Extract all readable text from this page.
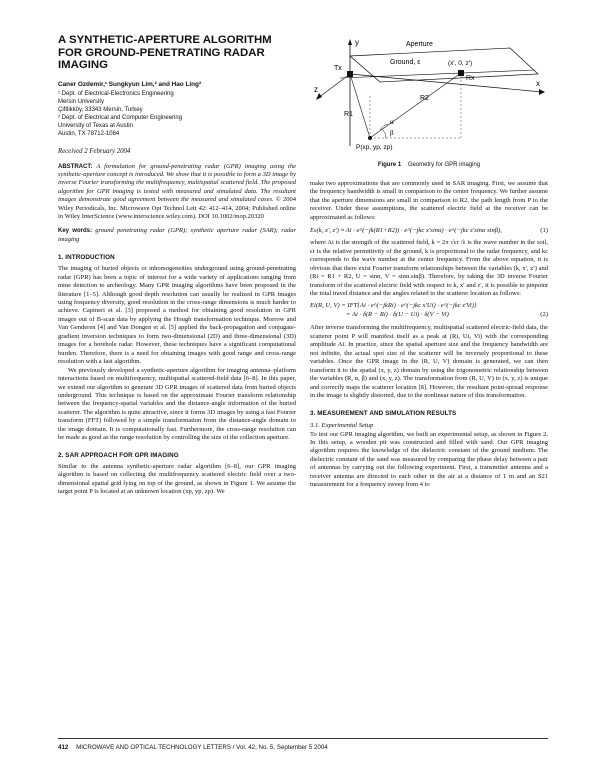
A SYNTHETIC-APERTURE ALGORITHM FOR GROUND-PENETRATING RADAR IMAGING

Caner Ozdemir,¹ Sungkyun Lim,² and Hao Ling²

¹ Dept. of Electrical-Electronics Engineering

Mersin University

Çiftlikköy, 33343 Mersin, Turkey

² Dept. of Electrical and Computer Engineering

University of Texas at Austin

Austin, TX 78712-1084

Received 2 February 2004

ABSTRACT: A formulation for ground-penetrating radar (GPR) imaging using the synthetic-aperture concept is introduced. We show that it is possible to form a 3D image by inverse Fourier transforming the multifrequency, multispatial scattered field. The proposed algorithm for GPR imaging is tested with measured and simulated data. The resultant images demonstrate good agreement between the measured and simulated cases. © 2004 Wiley Periodicals, Inc. Microwave Opt Technol Lett 42: 412–414, 2004; Published online in Wiley InterScience (www.interscience.wiley.com). DOI 10.1002/mop.20320

Key words: ground penetrating radar (GPR); synthetic aperture radar (SAR); radar imaging

1. INTRODUCTION

The imaging of buried objects or inhomogeneities underground using ground-penetrating radar (GPR) has been a topic of interest for a wide variety of applications ranging from mine detection to archeology. Many GPR imaging algorithms have been proposed in the literature [1–5]. Although good depth resolution can usually be realized in GPR images using frequency diversity, good resolution in the cross-range dimensions is much harder to achieve. Capineri et al. [3] proposed a method for obtaining good resolution in GPR images out of B-scan data by applying the Hough transformation technique. Morrow and Van Genderen [4] and Van Dongen et al. [5] applied the back-propagation and conjugate-gradient inversion techniques to form two-dimensional (2D) and three-dimensional (3D) images for a borehole radar. However, these techniques have a significant computational burden. Therefore, there is a need for obtaining images with good range and cross-range resolution with a fast algorithm.

We previously developed a synthetic-aperture algorithm for imaging antenna–platform interactions based on multifrequency, multispatial scattered-field data [6–8]. In this paper, we extend our algorithm to generate 3D GPR images of scattered data from buried objects underground. This technique is based on the approximate Fourier transform relationship between the frequency-spatial variables and the distance-angle information of the buried scatterer. The algorithm is quite attractive, since it forms 3D images by using a fast Fourier transform (FFT) followed by a simple transformation from the distance-angle domain to the image domain. It is computationally fast. Furthermore, the cross-range resolution can be made as good as the range resolution by controlling the size of the collection aperture.

2. SAR APPROACH FOR GPR IMAGING

Similar to the antenna synthetic-aperture radar algorithm [6–8], our GPR imaging algorithm is based on collecting the multifrequency scattered electric field over a two-dimensional spatial grid lying on top of the ground, as shown in Figure 1. We assume the target point P is located at an unknown location (xp, yp, zp). We

y
x
z
Aperture
Ground, ε
Tx
Rx
(x′, 0, z′)
R1
R2
α
β
P(xp, yp, zp)
Figure 1 Geometry for GPR imaging

make two approximations that are commonly used in SAR imaging. First, we assume that the frequency bandwidth is small in comparison to the center frequency. We further assume that the aperture dimensions are small in comparison to R2, the path length from P to the receiver. Under these assumptions, the scattered electric field at the receiver can be approximated as follows:

Es(k, x′, z′) ≈ Ai · e^(−jk(R1+R2)) · e^(−jkc x′sinα) · e^(−jkc z′sinα sinβ),	(1)

where Ai is the strength of the scattered field, k = 2π √εr /λ is the wave number in the soil, εr is the relative permittivity of the ground, k is proportional to the radar frequency, and kc corresponds to the wave number at the center frequency. From the above equation, it is obvious that there exist Fourier transform relationships between the variables (k, x′, z′) and (Ri = R1 + R2, U = sinα, V = sinα.sinβ). Therefore, by taking the 3D inverse Fourier transform of the scattered electric field with respect to k, x′ and z′, it is possible to pinpoint the total travel distance and the angles related to the scatterer location as follows:

Ei(R, U, V) = IFT{Ai · e^(−jkRi) · e^(−jkc x′Ui) · e^(−jkc z′Vi)}
= Ai · δ(R − Ri) · δ(U − Ui) · δ(V − Vi)	(2)

After inverse transforming the multifrequency, multispatial scattered electric-field data, the scatterer point P will manifest itself as a peak at (Ri, Ui, Vi) with the corresponding amplitude Ai. In practice, since the spatial aperture size and the frequency bandwidth are not infinite, the actual spot size of the scatterer will be inversely proportional to these variables. Once the GPR image in the (R, U, V) domain is generated, we can then transform it to the spatial (x, y, z) domain by using the trigonometric relationship between the variables (R, α, β) and (x, y, z). The transformation from (R, U, V) to (x, y, z) is unique and correctly maps the scatterer location [8]. However, the resultant point-spread response in the image is slightly distorted, due to the nonlinear nature of this transformation.

3. MEASUREMENT AND SIMULATION RESULTS
3.1. Experimental Setup

To test our GPR imaging algorithm, we built an experimental setup, as shown in Figure 2. In this setup, a wooden pit was constructed and filled with sand. Our GPR imaging algorithm requires the knowledge of the dielectric constant of the ground medium. The dielectric constant of the sand was measured by comparing the phase delay between a pair of antennas by carrying out the following experiment. First, a transmitter antenna and a receiver antenna are directed to each other in the air at a distance of 1 m and an S21 measurement for a frequency sweep from 4 to

412 MICROWAVE AND OPTICAL TECHNOLOGY LETTERS / Vol. 42, No. 5, September 5 2004
